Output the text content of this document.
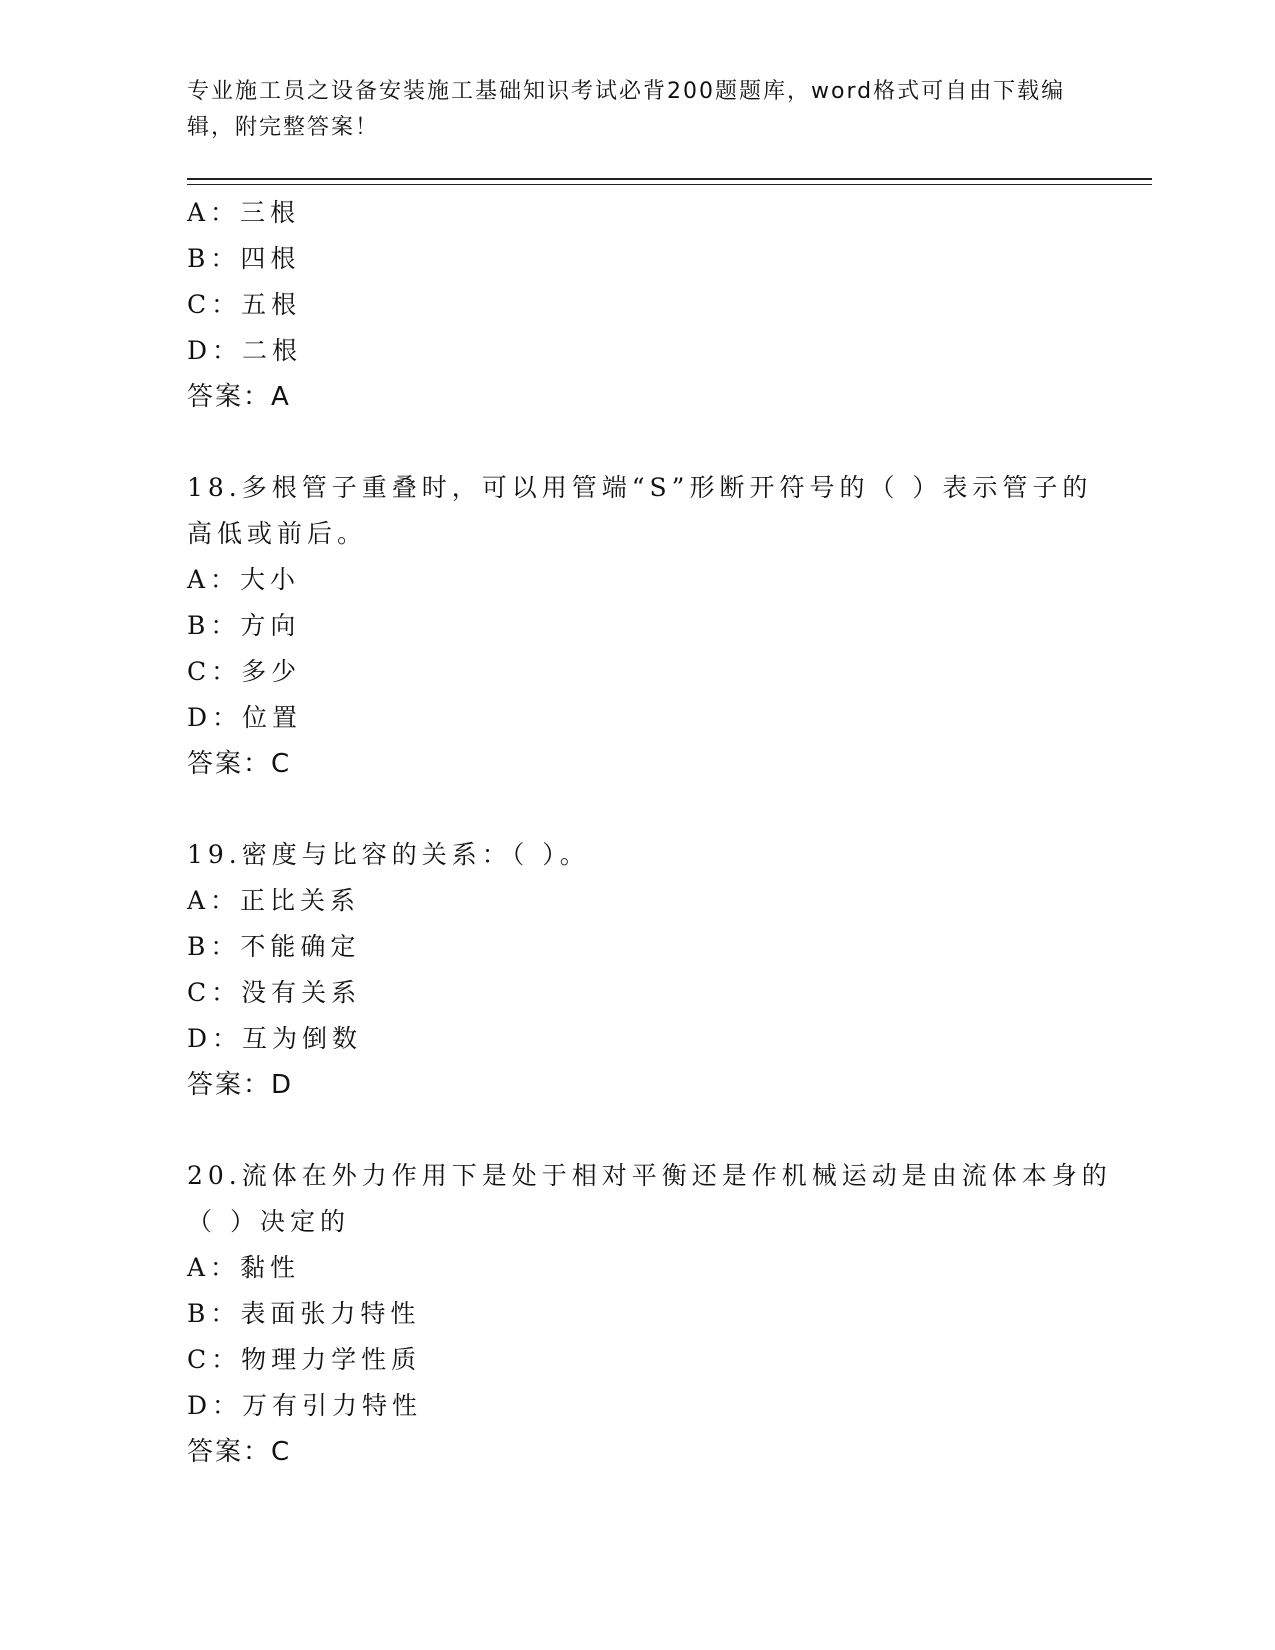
专业施工员之设备安装施工基础知识考试必背200题题库，word格式可自由下载编辑，附完整答案！
A：三根
B：四根
C：五根
D：二根
答案：A
18.多根管子重叠时，可以用管端“S”形断开符号的（ ）表示管子的
高低或前后。
A：大小
B：方向
C：多少
D：位置
答案：C
19.密度与比容的关系：（ ）。
A：正比关系
B：不能确定
C：没有关系
D：互为倒数
答案：D
20.流体在外力作用下是处于相对平衡还是作机械运动是由流体本身的
（ ）决定的
A：黏性
B：表面张力特性
C：物理力学性质
D：万有引力特性
答案：C
